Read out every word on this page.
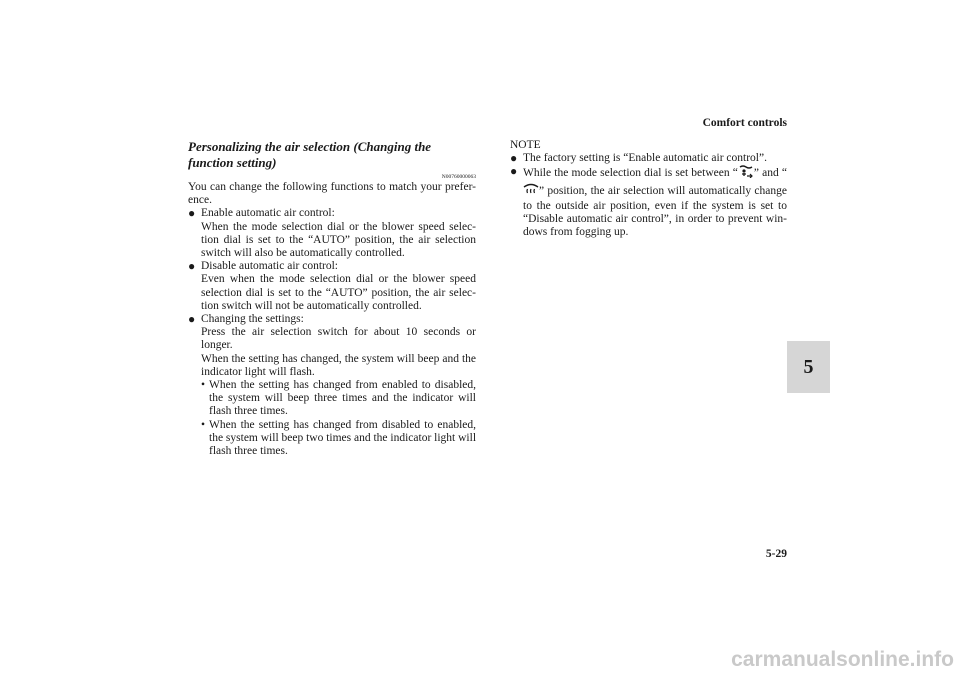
Comfort controls
5

Personalizing the air selection (Changing the function setting)

N00760000063

You can change the following functions to match your prefer-ence.

● Enable automatic air control:
When the mode selection dial or the blower speed selec-tion dial is set to the “AUTO” position, the air selection switch will also be automatically controlled.
● Disable automatic air control:
Even when the mode selection dial or the blower speed selection dial is set to the “AUTO” position, the air selec-tion switch will not be automatically controlled.
● Changing the settings:
Press the air selection switch for about 10 seconds or longer.
When the setting has changed, the system will beep and the indicator light will flash.
• When the setting has changed from enabled to disabled, the system will beep three times and the indicator will flash three times.
• When the setting has changed from disabled to enabled, the system will beep two times and the indicator light will flash three times.

NOTE

● The factory setting is “Enable automatic air control”.
● While the mode selection dial is set between “ ” and “” position, the air selection will automatically change to the outside air position, even if the system is set to “Disable automatic air control”, in order to prevent win-dows from fogging up.
5-29
carmanualsonline.info
